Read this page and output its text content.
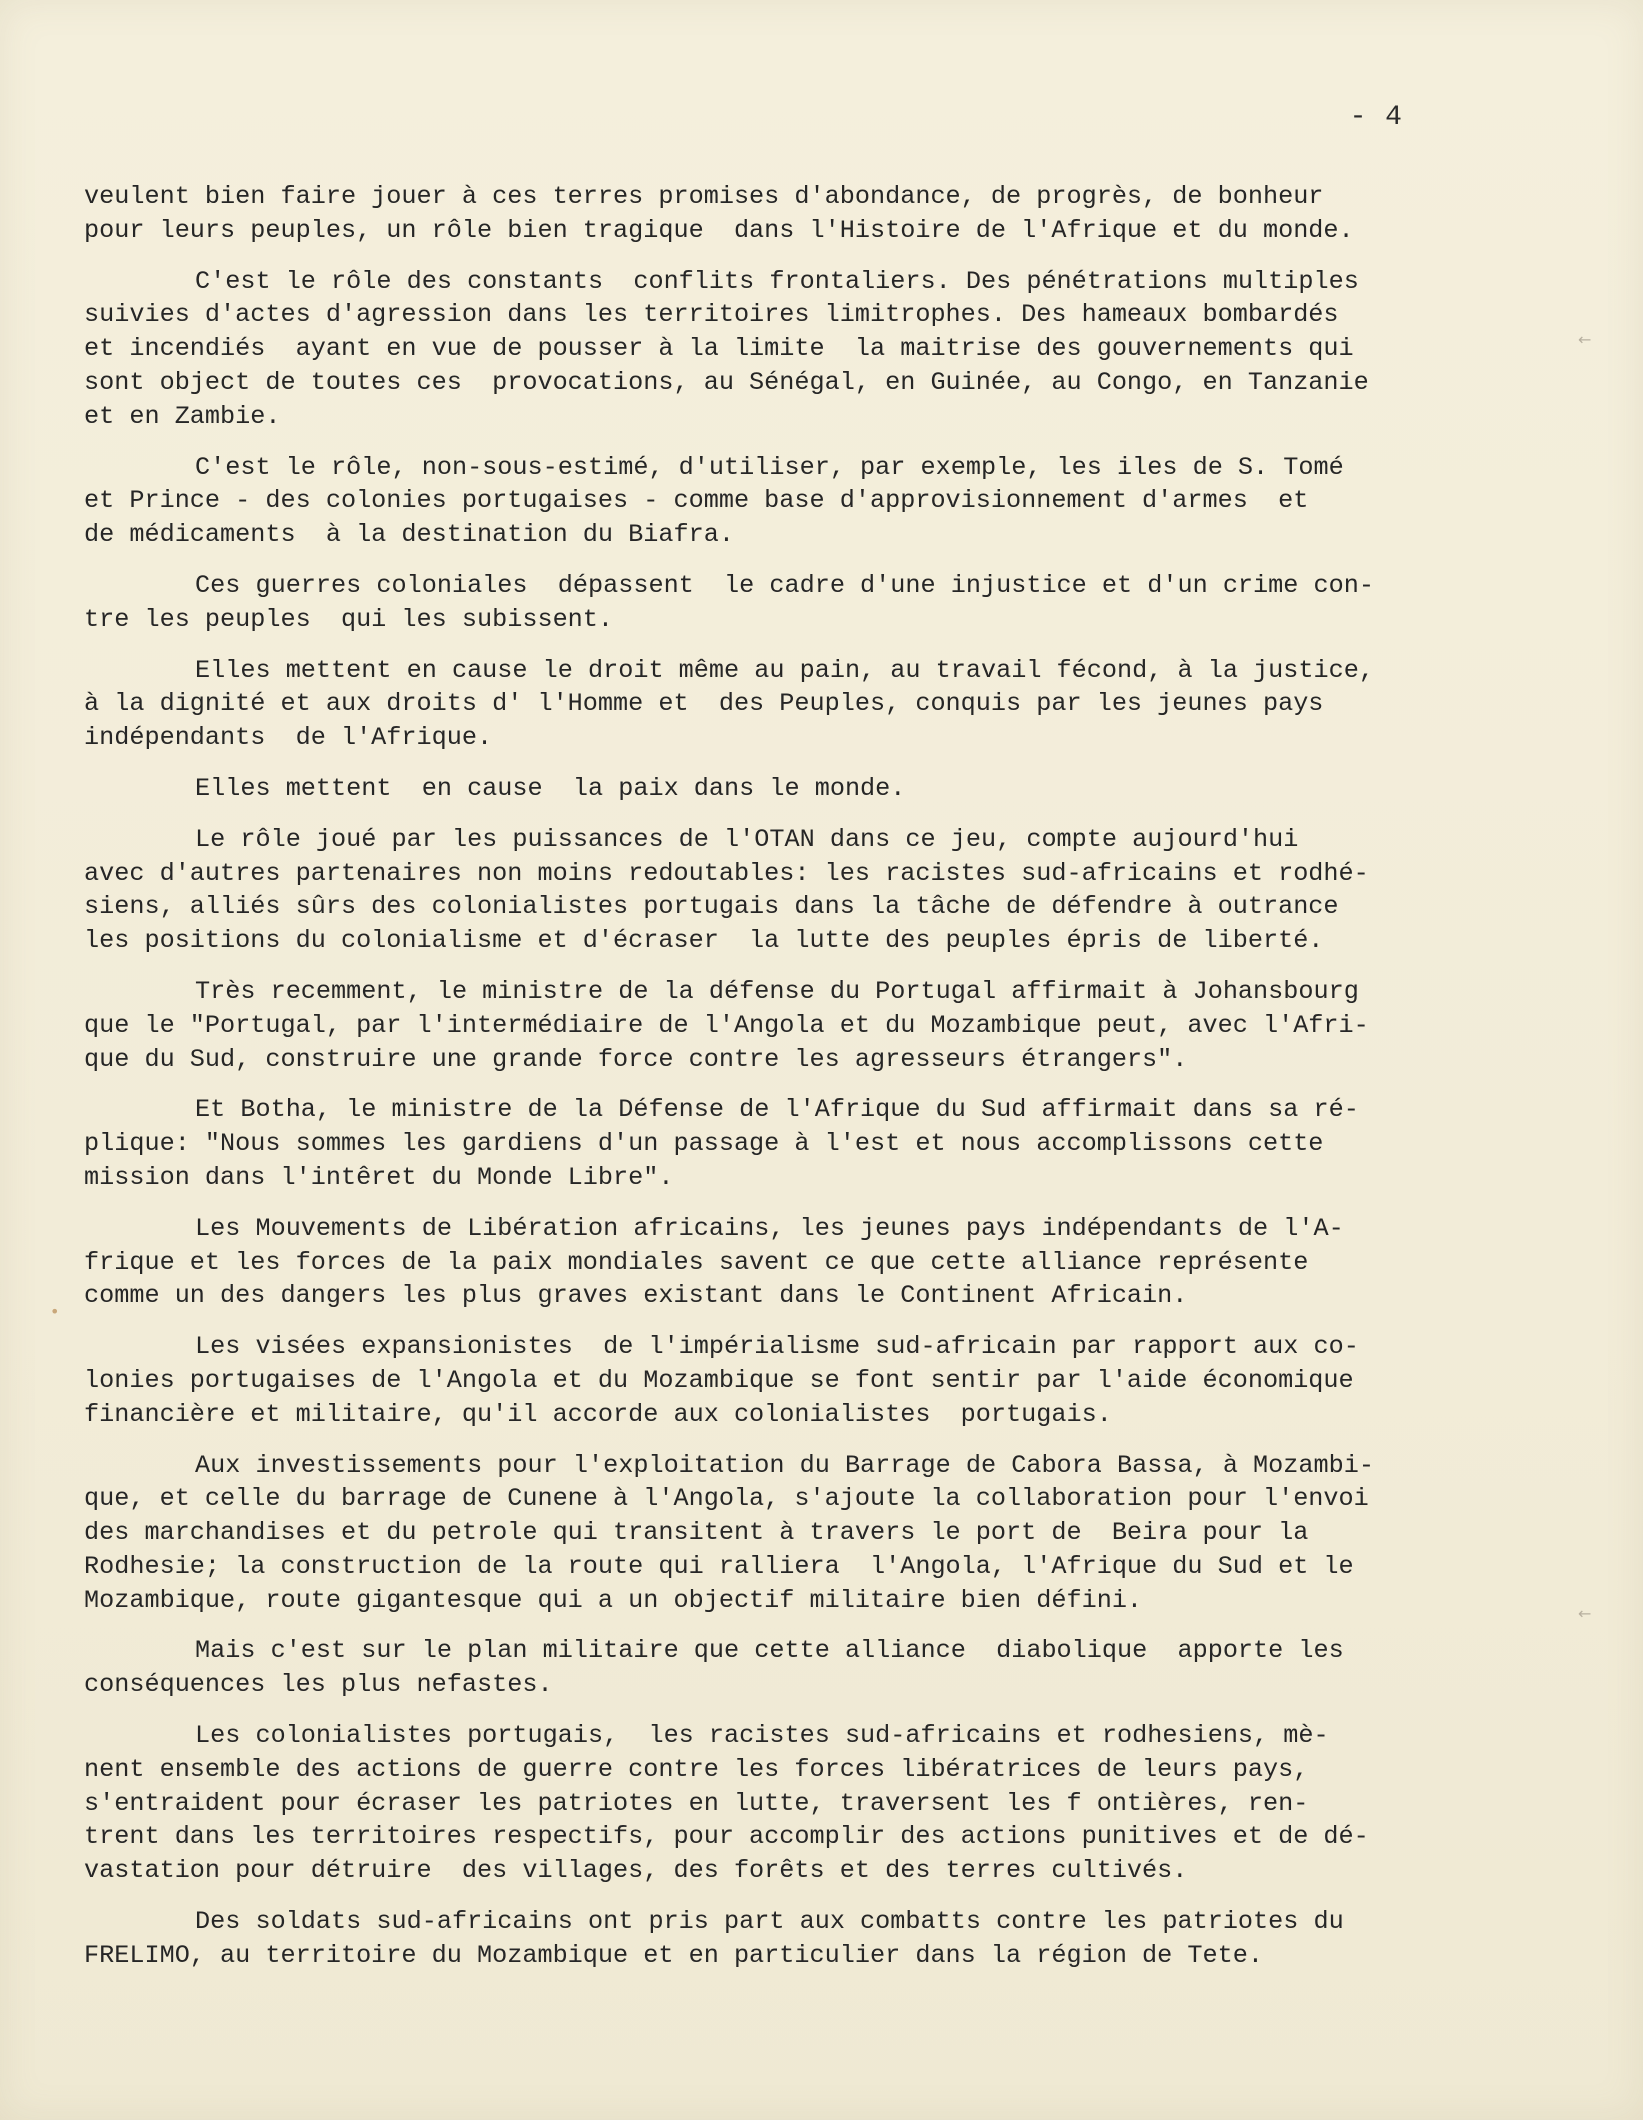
- 4

←
←
•
veulent bien faire jouer à ces terres promises d'abondance, de progrès, de bonheur
pour leurs peuples, un rôle bien tragique  dans l'Histoire de l'Afrique et du monde.
C'est le rôle des constants  conflits frontaliers. Des pénétrations multiples
suivies d'actes d'agression dans les territoires limitrophes. Des hameaux bombardés
et incendiés  ayant en vue de pousser à la limite  la maitrise des gouvernements qui
sont object de toutes ces  provocations, au Sénégal, en Guinée, au Congo, en Tanzanie
et en Zambie.
C'est le rôle, non-sous-estimé, d'utiliser, par exemple, les iles de S. Tomé
et Prince - des colonies portugaises - comme base d'approvisionnement d'armes  et
de médicaments  à la destination du Biafra.
Ces guerres coloniales  dépassent  le cadre d'une injustice et d'un crime con-
tre les peuples  qui les subissent.
Elles mettent en cause le droit même au pain, au travail fécond, à la justice,
à la dignité et aux droits d' l'Homme et  des Peuples, conquis par les jeunes pays
indépendants  de l'Afrique.
Elles mettent  en cause  la paix dans le monde.
Le rôle joué par les puissances de l'OTAN dans ce jeu, compte aujourd'hui
avec d'autres partenaires non moins redoutables: les racistes sud-africains et rodhé-
siens, alliés sûrs des colonialistes portugais dans la tâche de défendre à outrance
les positions du colonialisme et d'écraser  la lutte des peuples épris de liberté.
Très recemment, le ministre de la défense du Portugal affirmait à Johansbourg
que le "Portugal, par l'intermédiaire de l'Angola et du Mozambique peut, avec l'Afri-
que du Sud, construire une grande force contre les agresseurs étrangers".
Et Botha, le ministre de la Défense de l'Afrique du Sud affirmait dans sa ré-
plique: "Nous sommes les gardiens d'un passage à l'est et nous accomplissons cette
mission dans l'intêret du Monde Libre".
Les Mouvements de Libération africains, les jeunes pays indépendants de l'A-
frique et les forces de la paix mondiales savent ce que cette alliance représente
comme un des dangers les plus graves existant dans le Continent Africain.
Les visées expansionistes  de l'impérialisme sud-africain par rapport aux co-
lonies portugaises de l'Angola et du Mozambique se font sentir par l'aide économique
financière et militaire, qu'il accorde aux colonialistes  portugais.
Aux investissements pour l'exploitation du Barrage de Cabora Bassa, à Mozambi-
que, et celle du barrage de Cunene à l'Angola, s'ajoute la collaboration pour l'envoi
des marchandises et du petrole qui transitent à travers le port de  Beira pour la
Rodhesie; la construction de la route qui ralliera  l'Angola, l'Afrique du Sud et le
Mozambique, route gigantesque qui a un objectif militaire bien défini.
Mais c'est sur le plan militaire que cette alliance  diabolique  apporte les
conséquences les plus nefastes.
Les colonialistes portugais,  les racistes sud-africains et rodhesiens, mè-
nent ensemble des actions de guerre contre les forces libératrices de leurs pays,
s'entraident pour écraser les patriotes en lutte, traversent les f ontières, ren-
trent dans les territoires respectifs, pour accomplir des actions punitives et de dé-
vastation pour détruire  des villages, des forêts et des terres cultivés.
Des soldats sud-africains ont pris part aux combatts contre les patriotes du
FRELIMO, au territoire du Mozambique et en particulier dans la région de Tete.
